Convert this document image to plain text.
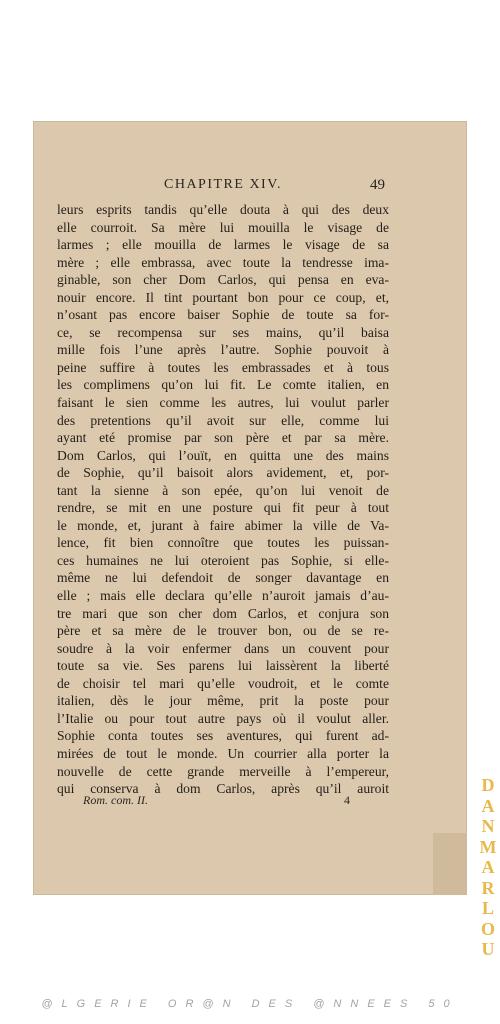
CHAPITRE XIV.	49
leurs esprits tandis qu’elle douta à qui des deux
elle courroit. Sa mère lui mouilla le visage de
larmes ; elle mouilla de larmes le visage de sa
mère ; elle embrassa, avec toute la tendresse ima-
ginable, son cher Dom Carlos, qui pensa en eva-
nouir encore. Il tint pourtant bon pour ce coup, et,
n’osant pas encore baiser Sophie de toute sa for-
ce, se recompensa sur ses mains, qu’il baisa
mille fois l’une après l’autre. Sophie pouvoit à
peine suffire à toutes les embrassades et à tous
les complimens qu’on lui fit. Le comte italien, en
faisant le sien comme les autres, lui voulut parler
des pretentions qu’il avoit sur elle, comme lui
ayant eté promise par son père et par sa mère.
Dom Carlos, qui l’ouït, en quitta une des mains
de Sophie, qu’il baisoit alors avidement, et, por-
tant la sienne à son epée, qu’on lui venoit de
rendre, se mit en une posture qui fit peur à tout
le monde, et, jurant à faire abimer la ville de Va-
lence, fit bien connoître que toutes les puissan-
ces humaines ne lui oteroient pas Sophie, si elle-
même ne lui defendoit de songer davantage en
elle ; mais elle declara qu’elle n’auroit jamais d’au-
tre mari que son cher dom Carlos, et conjura son
père et sa mère de le trouver bon, ou de se re-
soudre à la voir enfermer dans un couvent pour
toute sa vie. Ses parens lui laissèrent la liberté
de choisir tel mari qu’elle voudroit, et le comte
italien, dès le jour même, prit la poste pour
l’Italie ou pour tout autre pays où il voulut aller.
Sophie conta toutes ses aventures, qui furent ad-
mirées de tout le monde. Un courrier alla porter la
nouvelle de cette grande merveille à l’empereur,
qui conserva à dom Carlos, après qu’il auroit
Rom. com. II.	4
D
A
N
M
A
R
L
O
U
@LGERIE OR@N DES @NNEES 50
